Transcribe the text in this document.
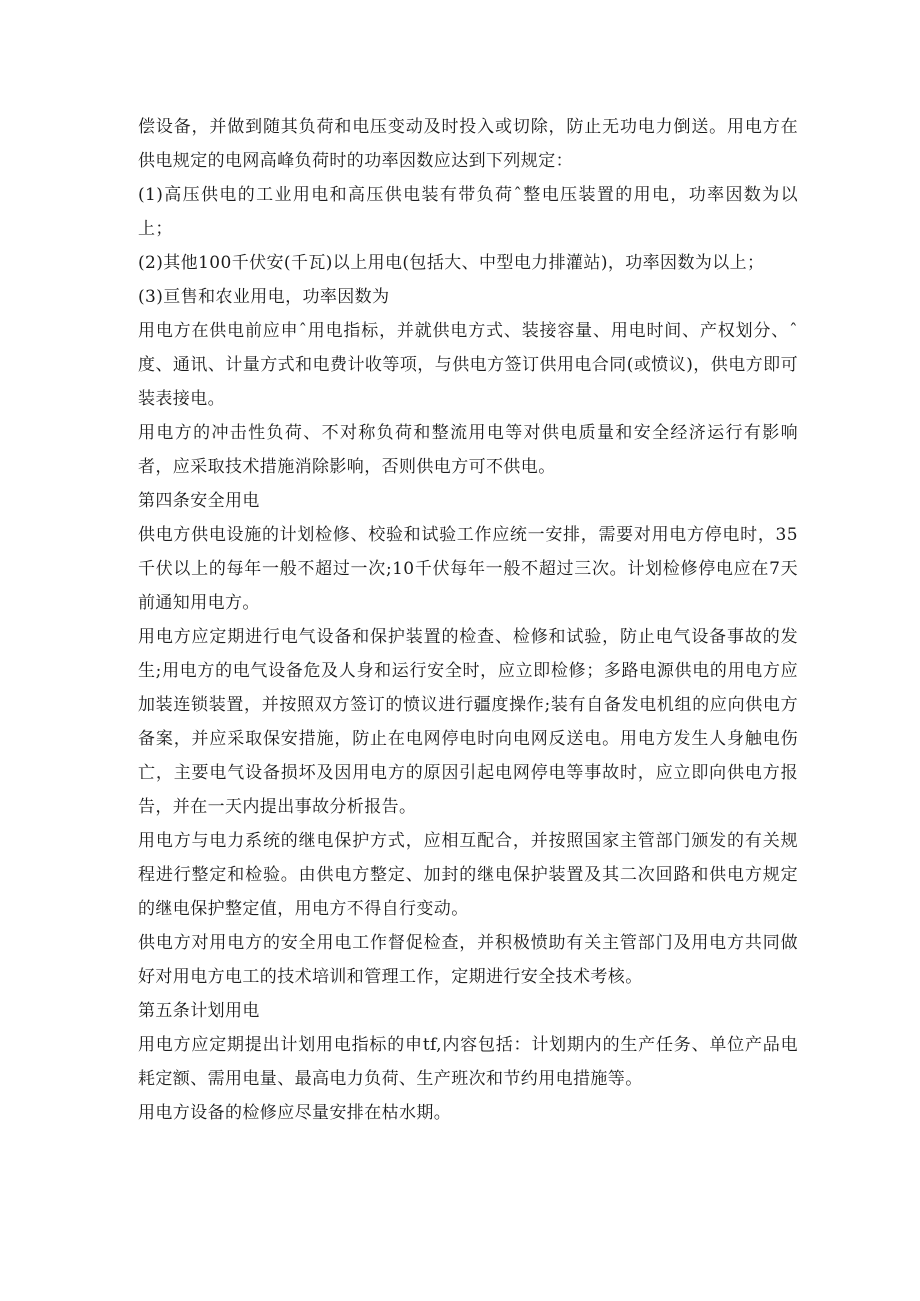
偿设备，并做到随其负荷和电压变动及时投入或切除，防止无功电力倒送。用电方在供电规定的电网高峰负荷时的功率因数应达到下列规定：

(1)高压供电的工业用电和高压供电装有带负荷ˆ整电压装置的用电，功率因数为以上；

(2)其他100千伏安(千瓦)以上用电(包括大、中型电力排灌站)，功率因数为以上；

(3)亘售和农业用电，功率因数为

用电方在供电前应申ˆ用电指标，并就供电方式、装接容量、用电时间、产权划分、ˆ度、通讯、计量方式和电费计收等项，与供电方签订供用电合同(或愤议)，供电方即可装表接电。

用电方的冲击性负荷、不对称负荷和整流用电等对供电质量和安全经济运行有影响者，应采取技术措施消除影响，否则供电方可不供电。

第四条安全用电

供电方供电设施的计划检修、校验和试验工作应统一安排，需要对用电方停电时，35千伏以上的每年一般不超过一次;10千伏每年一般不超过三次。计划检修停电应在7天前通知用电方。

用电方应定期进行电气设备和保护装置的检查、检修和试验，防止电气设备事故的发生;用电方的电气设备危及人身和运行安全时，应立即检修；多路电源供电的用电方应加装连锁装置，并按照双方签订的愤议进行疆度操作;装有自备发电机组的应向供电方备案，并应采取保安措施，防止在电网停电时向电网反送电。用电方发生人身触电伤亡，主要电气设备损坏及因用电方的原因引起电网停电等事故时，应立即向供电方报告，并在一天内提出事故分析报告。

用电方与电力系统的继电保护方式，应相互配合，并按照国家主管部门颁发的有关规程进行整定和检验。由供电方整定、加封的继电保护装置及其二次回路和供电方规定的继电保护整定值，用电方不得自行变动。

供电方对用电方的安全用电工作督促检查，并积极愤助有关主管部门及用电方共同做好对用电方电工的技术培训和管理工作，定期进行安全技术考核。

第五条计划用电

用电方应定期提出计划用电指标的申tf,内容包括：计划期内的生产任务、单位产品电耗定额、需用电量、最高电力负荷、生产班次和节约用电措施等。

用电方设备的检修应尽量安排在枯水期。
